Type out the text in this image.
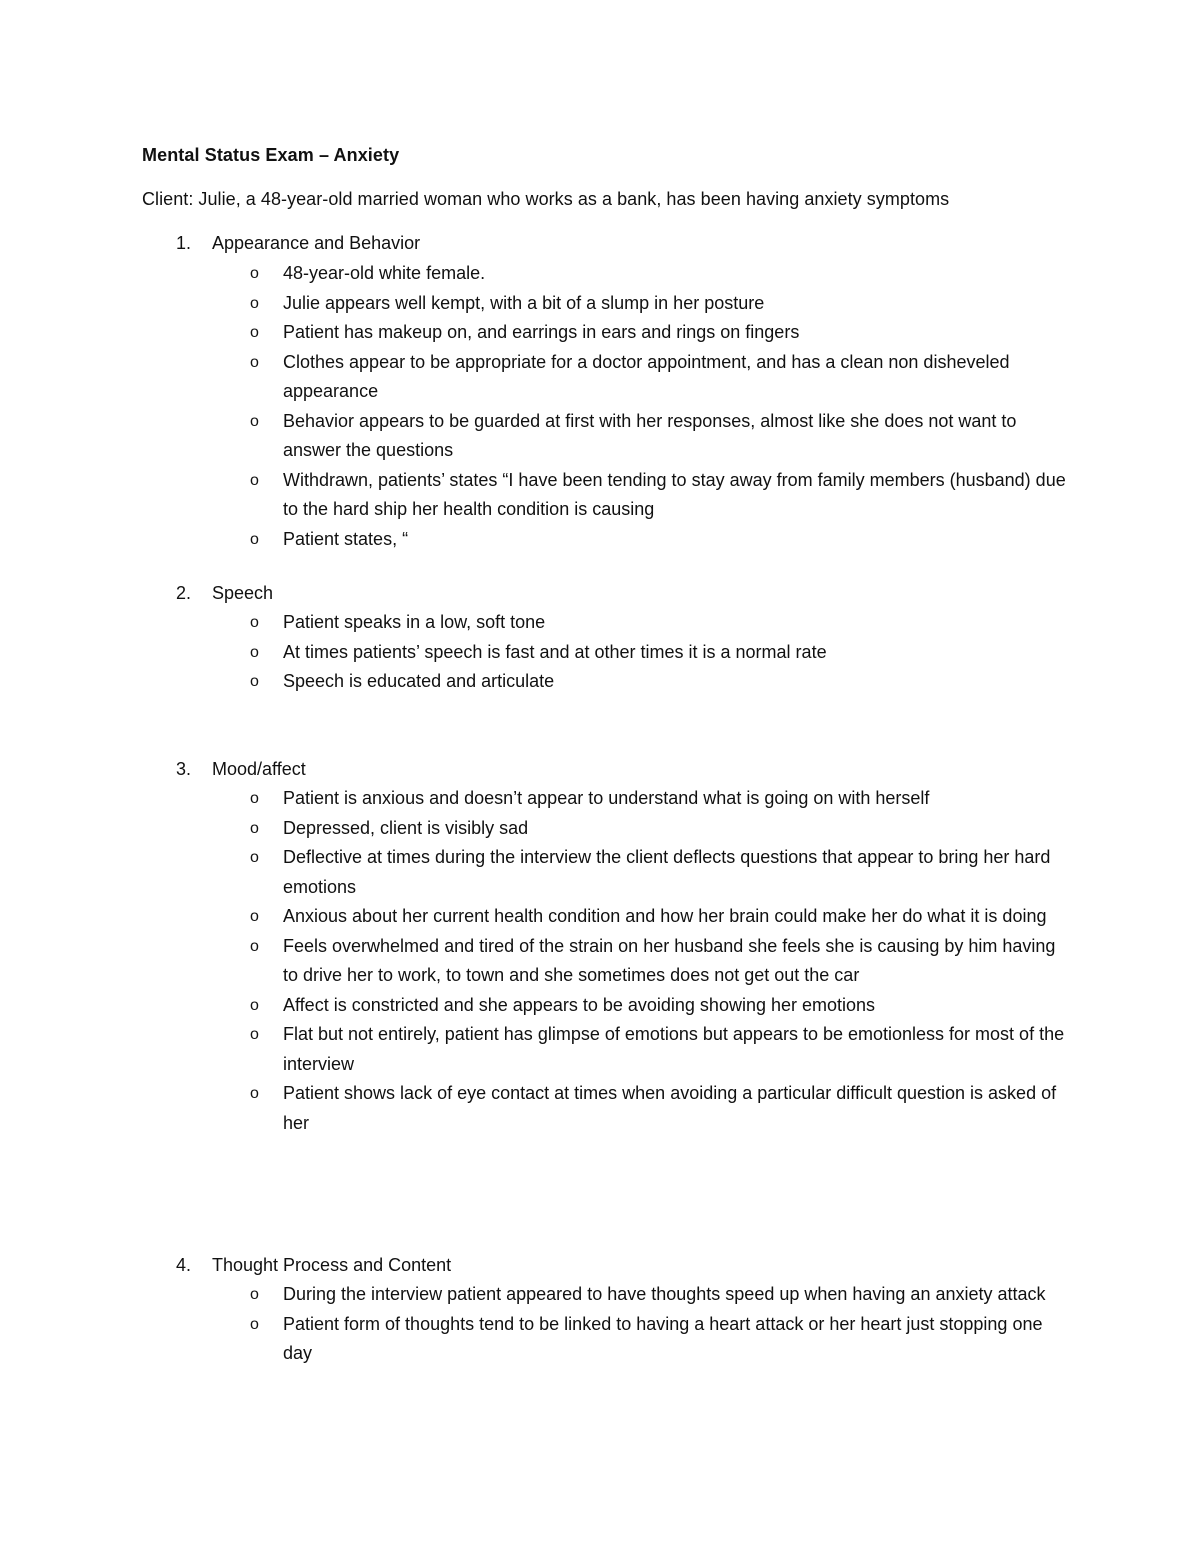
Mental Status Exam – Anxiety
Client: Julie, a 48-year-old married woman who works as a bank, has been having anxiety symptoms
1. Appearance and Behavior
o 48-year-old white female.
o Julie appears well kempt, with a bit of a slump in her posture
o Patient has makeup on, and earrings in ears and rings on fingers
o Clothes appear to be appropriate for a doctor appointment, and has a clean non disheveled appearance
o Behavior appears to be guarded at first with her responses, almost like she does not want to answer the questions
o Withdrawn, patients’ states “I have been tending to stay away from family members (husband) due to the hard ship her health condition is causing
o Patient states, “
2. Speech
o Patient speaks in a low, soft tone
o At times patients’ speech is fast and at other times it is a normal rate
o Speech is educated and articulate
3. Mood/affect
o Patient is anxious and doesn’t appear to understand what is going on with herself
o Depressed, client is visibly sad
o Deflective at times during the interview the client deflects questions that appear to bring her hard emotions
o Anxious about her current health condition and how her brain could make her do what it is doing
o Feels overwhelmed and tired of the strain on her husband she feels she is causing by him having to drive her to work, to town and she sometimes does not get out the car
o Affect is constricted and she appears to be avoiding showing her emotions
o Flat but not entirely, patient has glimpse of emotions but appears to be emotionless for most of the interview
o Patient shows lack of eye contact at times when avoiding a particular difficult question is asked of her
4. Thought Process and Content
o During the interview patient appeared to have thoughts speed up when having an anxiety attack
o Patient form of thoughts tend to be linked to having a heart attack or her heart just stopping one day
